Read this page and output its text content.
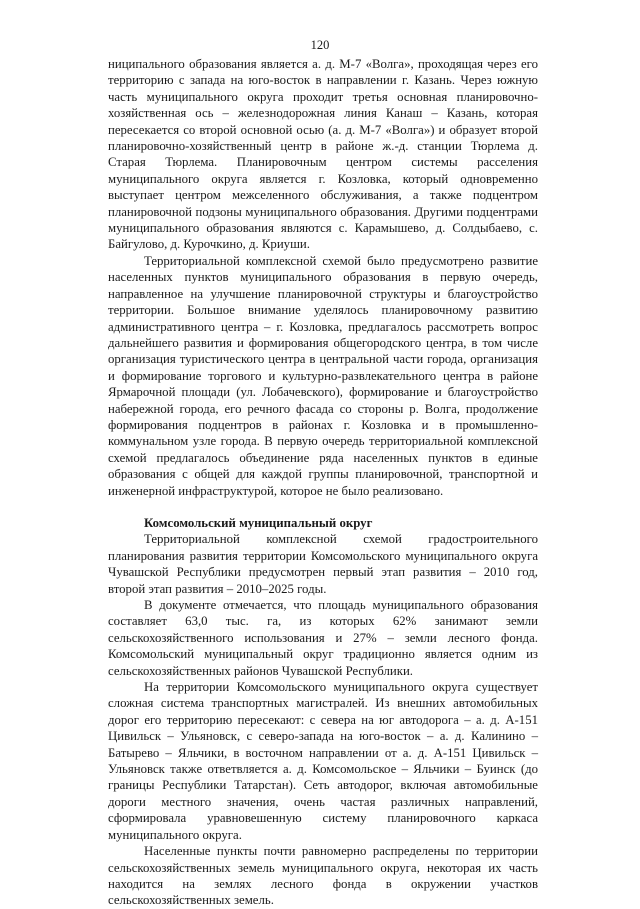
120

ниципального образования является а. д. М-7 «Волга», проходящая через его территорию с запада на юго-восток в направлении г. Казань. Через южную часть муниципального округа проходит третья основная планировочно-хозяйственная ось – железнодорожная линия Канаш – Казань, которая пересекается со второй основной осью (а. д. М-7 «Волга») и образует второй планировочно-хозяйственный центр в районе ж.-д. станции Тюрлема д. Старая Тюрлема. Планировочным центром системы расселения муниципального округа является г. Козловка, который одновременно выступает центром межселенного обслуживания, а также подцентром планировочной подзоны муниципального образования. Другими подцентрами муниципального образования являются с. Карамышево, д. Солдыбаево, с. Байгулово, д. Курочкино, д. Криуши.

Территориальной комплексной схемой было предусмотрено развитие населенных пунктов муниципального образования в первую очередь, направленное на улучшение планировочной структуры и благоустройство территории. Большое внимание уделялось планировочному развитию административного центра – г. Козловка, предлагалось рассмотреть вопрос дальнейшего развития и формирования общегородского центра, в том числе организация туристического центра в центральной части города, организация и формирование торгового и культурно-развлекательного центра в районе Ярмарочной площади (ул. Лобачевского), формирование и благоустройство набережной города, его речного фасада со стороны р. Волга, продолжение формирования подцентров в районах г. Козловка и в промышленно-коммунальном узле города. В первую очередь территориальной комплексной схемой предлагалось объединение ряда населенных пунктов в единые образования с общей для каждой группы планировочной, транспортной и инженерной инфраструктурой, которое не было реализовано.

Комсомольский муниципальный округ

Территориальной комплексной схемой градостроительного планирования развития территории Комсомольского муниципального округа Чувашской Республики предусмотрен первый этап развития – 2010 год, второй этап развития – 2010–2025 годы.

В документе отмечается, что площадь муниципального образования составляет 63,0 тыс. га, из которых 62% занимают земли сельскохозяйственного использования и 27% – земли лесного фонда. Комсомольский муниципальный округ традиционно является одним из сельскохозяйственных районов Чувашской Республики.

На территории Комсомольского муниципального округа существует сложная система транспортных магистралей. Из внешних автомобильных дорог его территорию пересекают: с севера на юг автодорога – а. д. А-151 Цивильск – Ульяновск, с северо-запада на юго-восток – а. д. Калинино – Батырево – Яльчики, в восточном направлении от а. д. А-151 Цивильск – Ульяновск также ответвляется а. д. Комсомольское – Яльчики – Буинск (до границы Республики Татарстан). Сеть автодорог, включая автомобильные дороги местного значения, очень частая различных направлений, сформировала уравновешенную систему планировочного каркаса муниципального округа.

Населенные пункты почти равномерно распределены по территории сельскохозяйственных земель муниципального округа, некоторая их часть находится на землях лесного фонда в окружении участков сельскохозяйственных земель.
